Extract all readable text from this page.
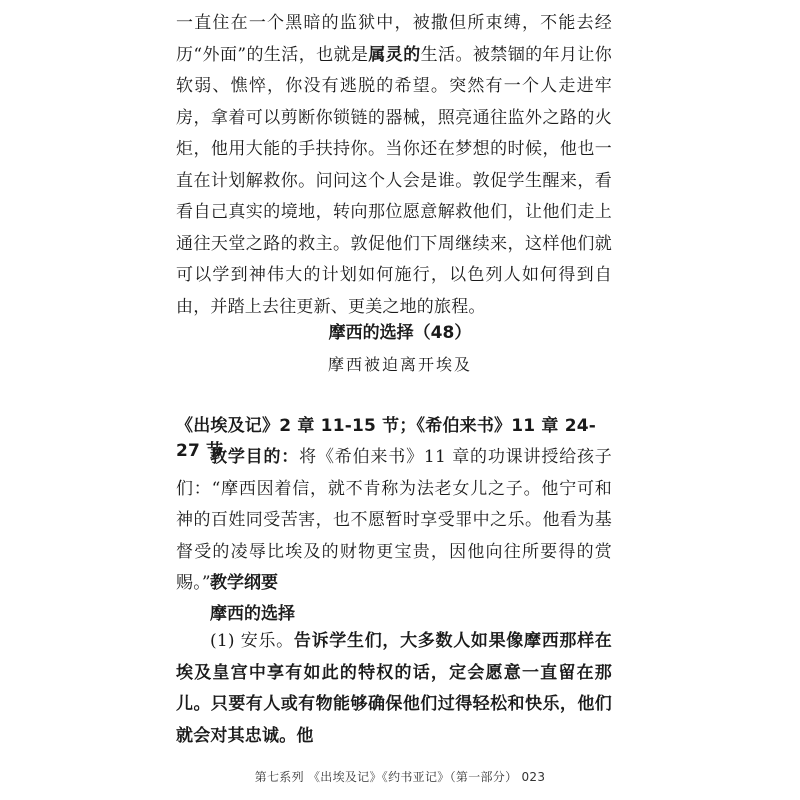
一直住在一个黑暗的监狱中，被撒但所束缚，不能去经历“外面”的生活，也就是属灵的生活。被禁锢的年月让你软弱、憔悴，你没有逃脱的希望。突然有一个人走进牢房，拿着可以剪断你锁链的器械，照亮通往监外之路的火炬，他用大能的手扶持你。当你还在梦想的时候，他也一直在计划解救你。问问这个人会是谁。敦促学生醒来，看看自己真实的境地，转向那位愿意解救他们，让他们走上通往天堂之路的救主。敦促他们下周继续来，这样他们就可以学到神伟大的计划如何施行，以色列人如何得到自由，并踏上去往更新、更美之地的旅程。

摩西的选择（48）
摩西被迫离开埃及
《出埃及记》2 章 11-15 节；《希伯来书》11 章 24-27 节

教学目的：将《希伯来书》11 章的功课讲授给孩子们：“摩西因着信，就不肯称为法老女儿之子。他宁可和神的百姓同受苦害，也不愿暂时享受罪中之乐。他看为基督受的凌辱比埃及的财物更宝贵，因他向往所要得的赏赐。” 教学纲要
摩西的选择

(1) 安乐。告诉学生们，大多数人如果像摩西那样在埃及皇宫中享有如此的特权的话，定会愿意一直留在那儿。只要有人或有物能够确保他们过得轻松和快乐，他们就会对其忠诚。他

第七系列 《出埃及记》《约书亚记》（第一部分） 023
